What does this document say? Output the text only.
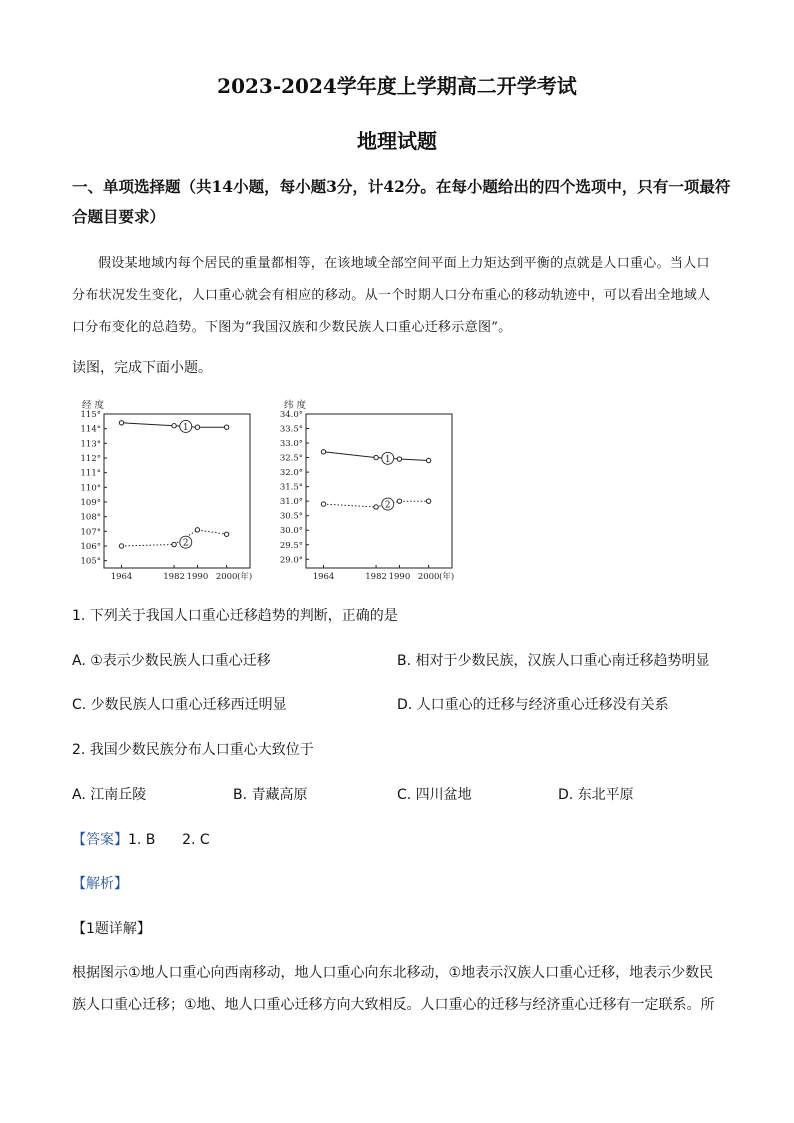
2023-2024学年度上学期高二开学考试
地理试题
一、单项选择题（共14小题，每小题3分，计42分。在每小题给出的四个选项中，只有一项最符合题目要求）
假设某地域内每个居民的重量都相等，在该地域全部空间平面上力矩达到平衡的点就是人口重心。当人口分布状况发生变化，人口重心就会有相应的移动。从一个时期人口分布重心的移动轨迹中，可以看出全地域人口分布变化的总趋势。下图为“我国汉族和少数民族人口重心迁移示意图”。
读图，完成下面小题。
经 度
105°
106°
107°
108°
109°
110°
111°
112°
113°
114°
115°
1964	1982 1990 2000 (年)
1
2
纬 度
29.0°
29.5°
30.0°
30.5°
31.0°
31.5°
32.0°
32.5°
33.0°
33.5°
34.0°
1964	1982 1990 2000 (年)
1
2
1. 下列关于我国人口重心迁移趋势的判断，正确的是
A. ①表示少数民族人口重心迁移	B. 相对于少数民族，汉族人口重心南迁移趋势明显
C. 少数民族人口重心迁移西迁明显	D. 人口重心的迁移与经济重心迁移没有关系
2. 我国少数民族分布人口重心大致位于
A. 江南丘陵	B. 青藏高原	C. 四川盆地	D. 东北平原
【答案】1. B      2. C
【解析】
【1题详解】
根据图示①地人口重心向西南移动，地人口重心向东北移动，①地表示汉族人口重心迁移，地表示少数民族人口重心迁移；①地、地人口重心迁移方向大致相反。人口重心的迁移与经济重心迁移有一定联系。所
